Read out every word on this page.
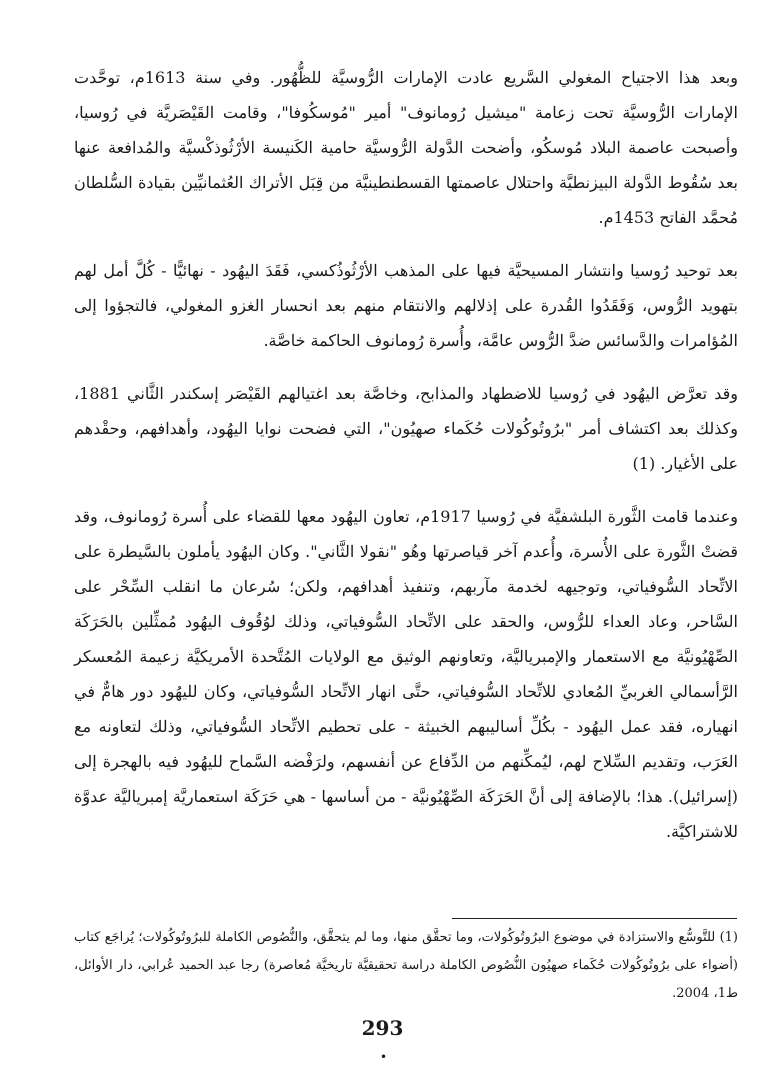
وبعد هذا الاجتياح المغولي السَّريع عادت الإمارات الرُّوسيَّة للظُّهُور. وفي سنة 1613م، توحَّدت الإمارات الرُّوسيَّة تحت زعامة "ميشيل رُومانوف" أمير "مُوسكُوفا"، وقامت القَيْصَريَّة في رُوسيا، وأصبحت عاصمة البلاد مُوسكُو، وأضحت الدَّولة الرُّوسيَّة حامية الكَنيسة الأرْثُوذكْسيَّة والمُدافعة عنها بعد سُقُوط الدَّولة البيزنطيَّة واحتلال عاصمتها القسطنطينيَّة من قِبَل الأتراك العُثمانيِّين بقيادة السُّلطان مُحمَّد الفاتح 1453م.

بعد توحيد رُوسيا وانتشار المسيحيَّة فيها على المذهب الأرْثُوذُكسي، فَقَدَ اليهُود - نهائيًّا - كُلَّ أمل لهم بتهويد الرُّوس، وَفَقَدُوا القُدرة على إذلالهم والانتقام منهم بعد انحسار الغزو المغولي، فالتجؤوا إلى المُؤامرات والدَّسائس ضدَّ الرُّوس عامَّة، وأُسرة رُومانوف الحاكمة خاصَّة.

وقد تعرَّض اليهُود في رُوسيا للاضطهاد والمذابح، وخاصَّة بعد اغتيالهم القَيْصَر إسكندر الثَّاني 1881، وكذلك بعد اكتشاف أمر "برُوتُوكُولات حُكَماء صهيُون"، التي فضحت نوايا اليهُود، وأهدافهم، وحقْدهم على الأغيار. (1)

وعندما قامت الثَّورة البلشفيَّة في رُوسيا 1917م، تعاون اليهُود معها للقضاء على أُسرة رُومانوف، وقد قضتْ الثَّورة على الأُسرة، وأُعدم آخر قياصرتها وهُو "نقولا الثَّاني". وكان اليهُود يأملون بالسَّيطرة على الاتِّحاد السُّوفياتي، وتوجيهه لخدمة مآربهم، وتنفيذ أهدافهم، ولكن؛ سُرعان ما انقلب السِّحْر على السَّاحر، وعاد العداء للرُّوس، والحقد على الاتِّحاد السُّوفياتي، وذلك لوُقُوف اليهُود مُمثِّلين بالحَرَكَة الصِّهْيُونيَّة مع الاستعمار والإمبرياليَّة، وتعاونهم الوثيق مع الولايات المُتَّحدة الأمريكيَّة زعيمة المُعسكر الرَّأسمالي الغربيِّ المُعادي للاتِّحاد السُّوفياتي، حتَّى انهار الاتِّحاد السُّوفياتي، وكان لليهُود دور هامٌّ في انهياره، فقد عمل اليهُود - بكُلِّ أساليبهم الخبيثة - على تحطيم الاتِّحاد السُّوفياتي، وذلك لتعاونه مع العَرَب، وتقديم السِّلاح لهم، ليُمكِّنهم من الدِّفاع عن أنفسهم، ولرَفْضه السَّماح لليهُود فيه بالهجرة إلى (إسرائيل). هذا؛ بالإضافة إلى أنَّ الحَرَكَة الصِّهْيُونيَّة - من أساسها - هي حَرَكَة استعماريَّة إمبرياليَّة عدوَّة للاشتراكيَّة.

(1) للتَّوسُّع والاستزادة في موضوع البرُوتُوكُولات، وما تحقَّق منها، وما لم يتحقَّق، والنُّصُوص الكاملة للبرُوتُوكُولات؛ يُراجَع كتاب (أضواء على برُوتُوكُولات حُكَماء صهيُون النُّصُوص الكاملة دراسة تحقيقيَّة تاريخيَّة مُعاصرة) رجا عبد الحميد عُرابي، دار الأوائل، ط1، 2004.

293
•
